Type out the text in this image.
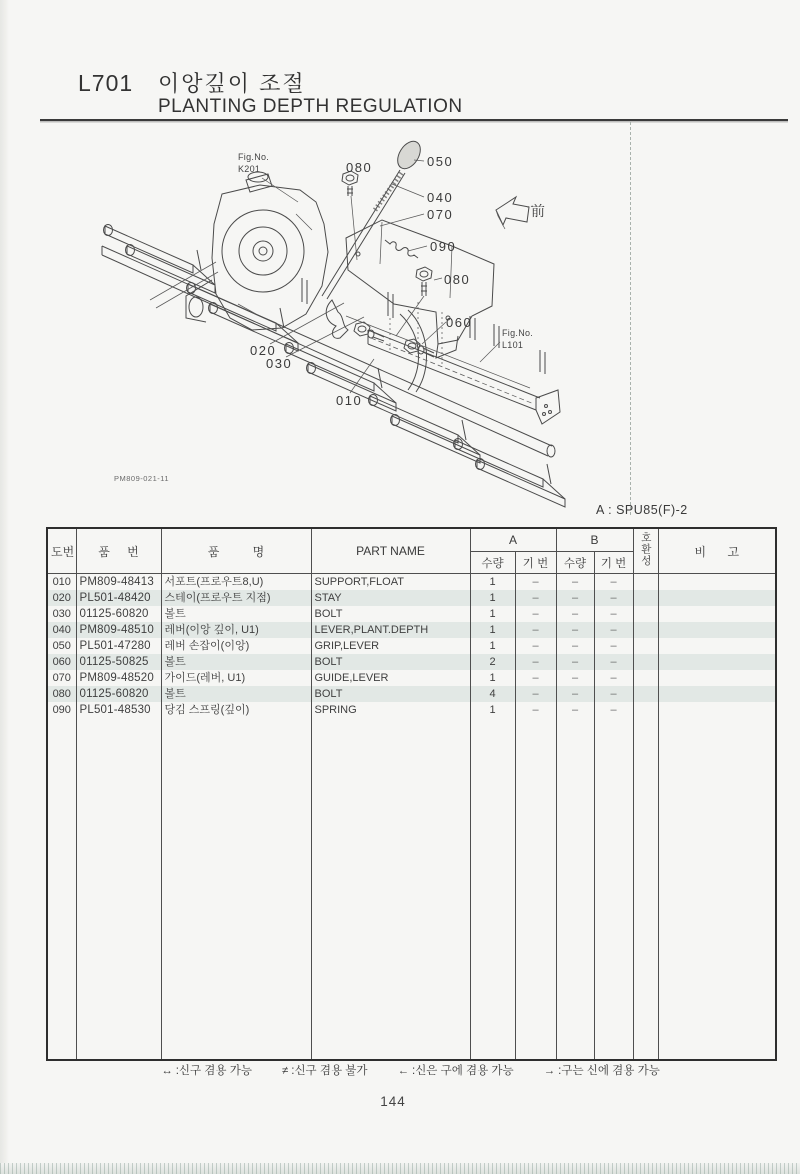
L701 이앙깊이 조절
PLANTING DEPTH REGULATION
A : SPU85(F)-2
Fig.No.
K201	080	050
040
070
090
080
060
Fig.No.
L101
020
030
010
PM809-021-11
前
도번	품 번	품 명	PART NAME	A		B		호환성	비 고
				수량	기 번	수량	기 번		
010	PM809-48413	서포트(프로우트8,U)	SUPPORT,FLOAT	1	–	–	–		
020	PL501-48420	스테이(프로우트 지점)	STAY	1	–	–	–		
030	01125-60820	볼트	BOLT	1	–	–	–		
040	PM809-48510	레버(이앙 깊이, U1)	LEVER,PLANT.DEPTH	1	–	–	–		
050	PL501-47280	레버 손잡이(이앙)	GRIP,LEVER	1	–	–	–		
060	01125-50825	볼트	BOLT	2	–	–	–		
070	PM809-48520	가이드(레버, U1)	GUIDE,LEVER	1	–	–	–		
080	01125-60820	볼트	BOLT	4	–	–	–		
090	PL501-48530	당김 스프링(깊이)	SPRING	1	–	–	–		

↔ :신구 겸용 가능	≠ :신구 겸용 불가	← :신은 구에 겸용 가능	→ :구는 신에 겸용 가능
144
